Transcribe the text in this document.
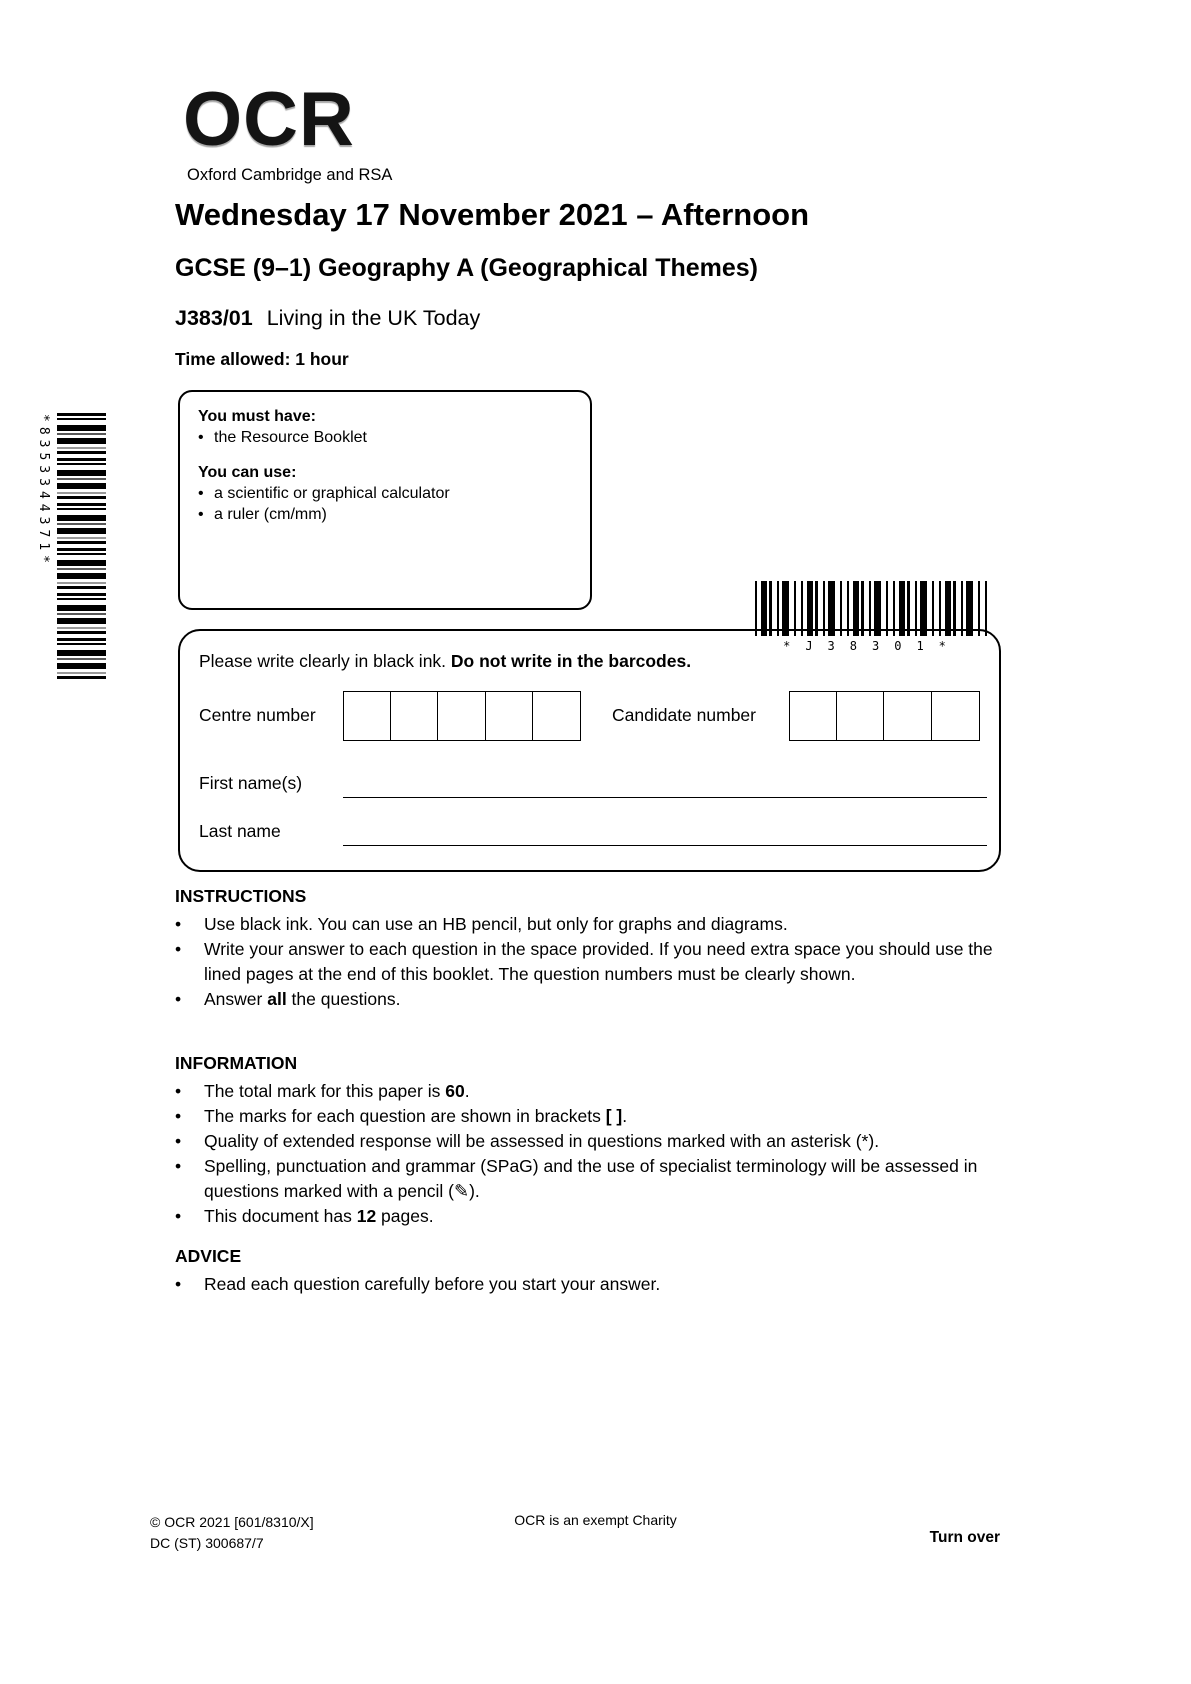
OCR
Oxford Cambridge and RSA
Wednesday 17 November 2021 – Afternoon
GCSE (9–1) Geography A (Geographical Themes)
J383/01 Living in the UK Today
Time allowed: 1 hour
You must have:
• the Resource Booklet
You can use:
• a scientific or graphical calculator
• a ruler (cm/mm)
*8353344371*
*J38301*
Please write clearly in black ink. Do not write in the barcodes.
Centre number	Candidate number
First name(s)
Last name
INSTRUCTIONS
•	Use black ink. You can use an HB pencil, but only for graphs and diagrams.
•	Write your answer to each question in the space provided. If you need extra space you should use the lined pages at the end of this booklet. The question numbers must be clearly shown.
•	Answer all the questions.
INFORMATION
•	The total mark for this paper is 60.
•	The marks for each question are shown in brackets [ ].
•	Quality of extended response will be assessed in questions marked with an asterisk (*).
•	Spelling, punctuation and grammar (SPaG) and the use of specialist terminology will be assessed in questions marked with a pencil (✎).
•	This document has 12 pages.
ADVICE
•	Read each question carefully before you start your answer.
© OCR 2021 [601/8310/X]
DC (ST) 300687/7
OCR is an exempt Charity
Turn over
